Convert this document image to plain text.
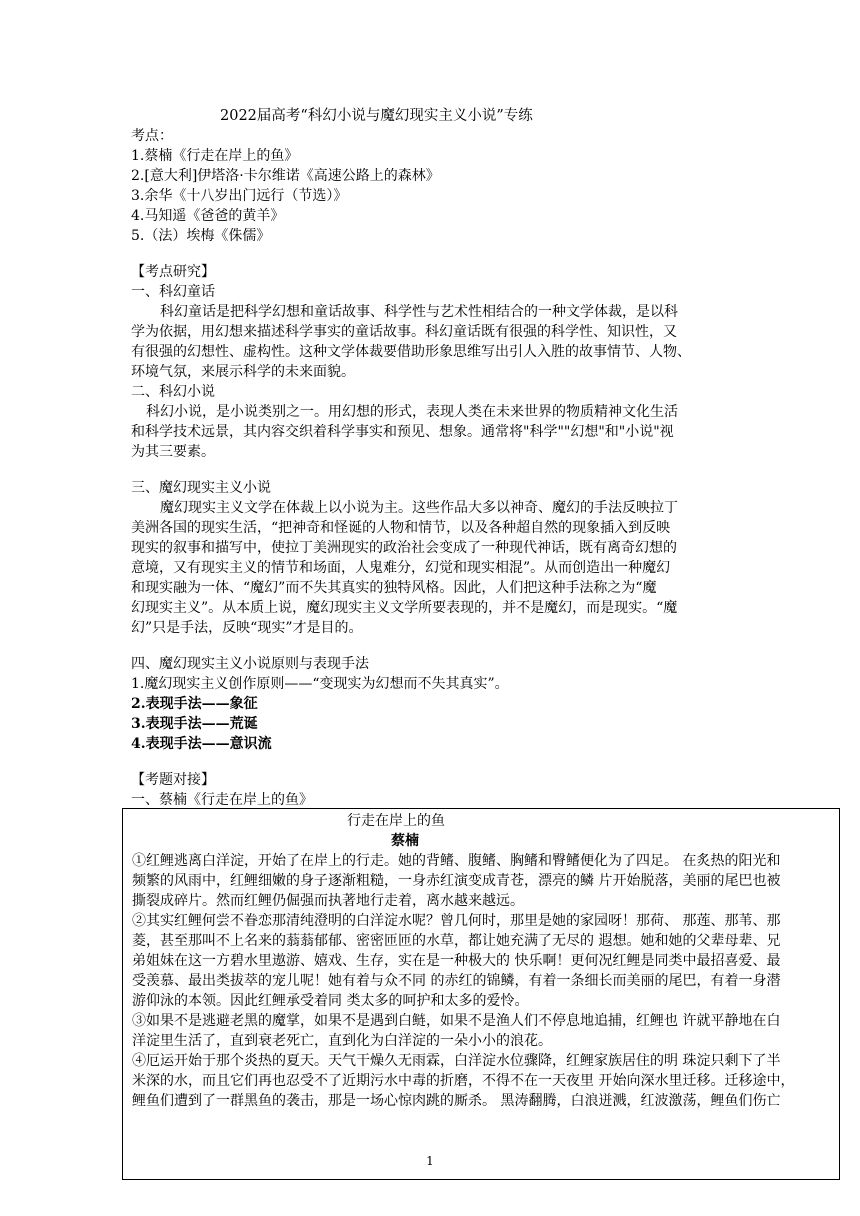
2022届高考“科幻小说与魔幻现实主义小说”专练
考点：
1.蔡楠《行走在岸上的鱼》
2.[意大利]伊塔洛·卡尔维诺《高速公路上的森林》
3.余华《十八岁出门远行（节选）》
4.马知遥《爸爸的黄羊》
5.（法）埃梅《侏儒》
【考点研究】
一、科幻童话
科幻童话是把科学幻想和童话故事、科学性与艺术性相结合的一种文学体裁，是以科
学为依据，用幻想来描述科学事实的童话故事。科幻童话既有很强的科学性、知识性，又
有很强的幻想性、虚构性。这种文学体裁要借助形象思维写出引人入胜的故事情节、人物、
环境气氛，来展示科学的未来面貌。
二、科幻小说
科幻小说，是小说类别之一。用幻想的形式，表现人类在未来世界的物质精神文化生活
和科学技术远景，其内容交织着科学事实和预见、想象。通常将"科学""幻想"和"小说"视
为其三要素。
三、魔幻现实主义小说
魔幻现实主义文学在体裁上以小说为主。这些作品大多以神奇、魔幻的手法反映拉丁
美洲各国的现实生活，“把神奇和怪诞的人物和情节，以及各种超自然的现象插入到反映
现实的叙事和描写中，使拉丁美洲现实的政治社会变成了一种现代神话，既有离奇幻想的
意境，又有现实主义的情节和场面，人鬼难分，幻觉和现实相混”。从而创造出一种魔幻
和现实融为一体、“魔幻”而不失其真实的独特风格。因此，人们把这种手法称之为“魔
幻现实主义”。从本质上说，魔幻现实主义文学所要表现的，并不是魔幻，而是现实。“魔
幻”只是手法，反映“现实”才是目的。
四、魔幻现实主义小说原则与表现手法
1.魔幻现实主义创作原则——“变现实为幻想而不失其真实”。
2.表现手法——象征
3.表现手法——荒诞
4.表现手法——意识流
【考题对接】
一、蔡楠《行走在岸上的鱼》
行走在岸上的鱼
蔡楠
①红鲤逃离白洋淀，开始了在岸上的行走。她的背鳍、腹鳍、胸鳍和臀鳍便化为了四足。 在炙热的阳光和
频繁的风雨中，红鲤细嫩的身子逐渐粗糙，一身赤红演变成青苍，漂亮的鳞 片开始脱落，美丽的尾巴也被
撕裂成碎片。然而红鲤仍倔强而执著地行走着，离水越来越远。
②其实红鲤何尝不眷恋那清纯澄明的白洋淀水呢？曾几何时，那里是她的家园呀！那荷、 那莲、那苇、那
菱，甚至那叫不上名来的蓊蓊郁郁、密密匝匝的水草，都让她充满了无尽的 遐想。她和她的父辈母辈、兄
弟姐妹在这一方碧水里遨游、嬉戏、生存，实在是一种极大的 快乐啊！更何况红鲤是同类中最招喜爱、最
受羡慕、最出类拔萃的宠儿呢！她有着与众不同 的赤红的锦鳞，有着一条细长而美丽的尾巴，有着一身潜
游仰泳的本领。因此红鲤承受着同 类太多的呵护和太多的爱怜。
③如果不是逃避老黑的魔掌，如果不是遇到白鲢，如果不是渔人们不停息地追捕，红鲤也 许就平静地在白
洋淀里生活了，直到衰老死亡，直到化为白洋淀的一朵小小的浪花。
④厄运开始于那个炎热的夏天。天气干燥久无雨霖，白洋淀水位骤降，红鲤家族居住的明 珠淀只剩下了半
米深的水，而且它们再也忍受不了近期污水中毒的折磨，不得不在一天夜里 开始向深水里迁移。迁移途中，
鲤鱼们遭到了一群黑鱼的袭击，那是一场心惊肉跳的厮杀。 黑涛翻腾，白浪迸溅，红波激荡，鲤鱼们伤亡
1
